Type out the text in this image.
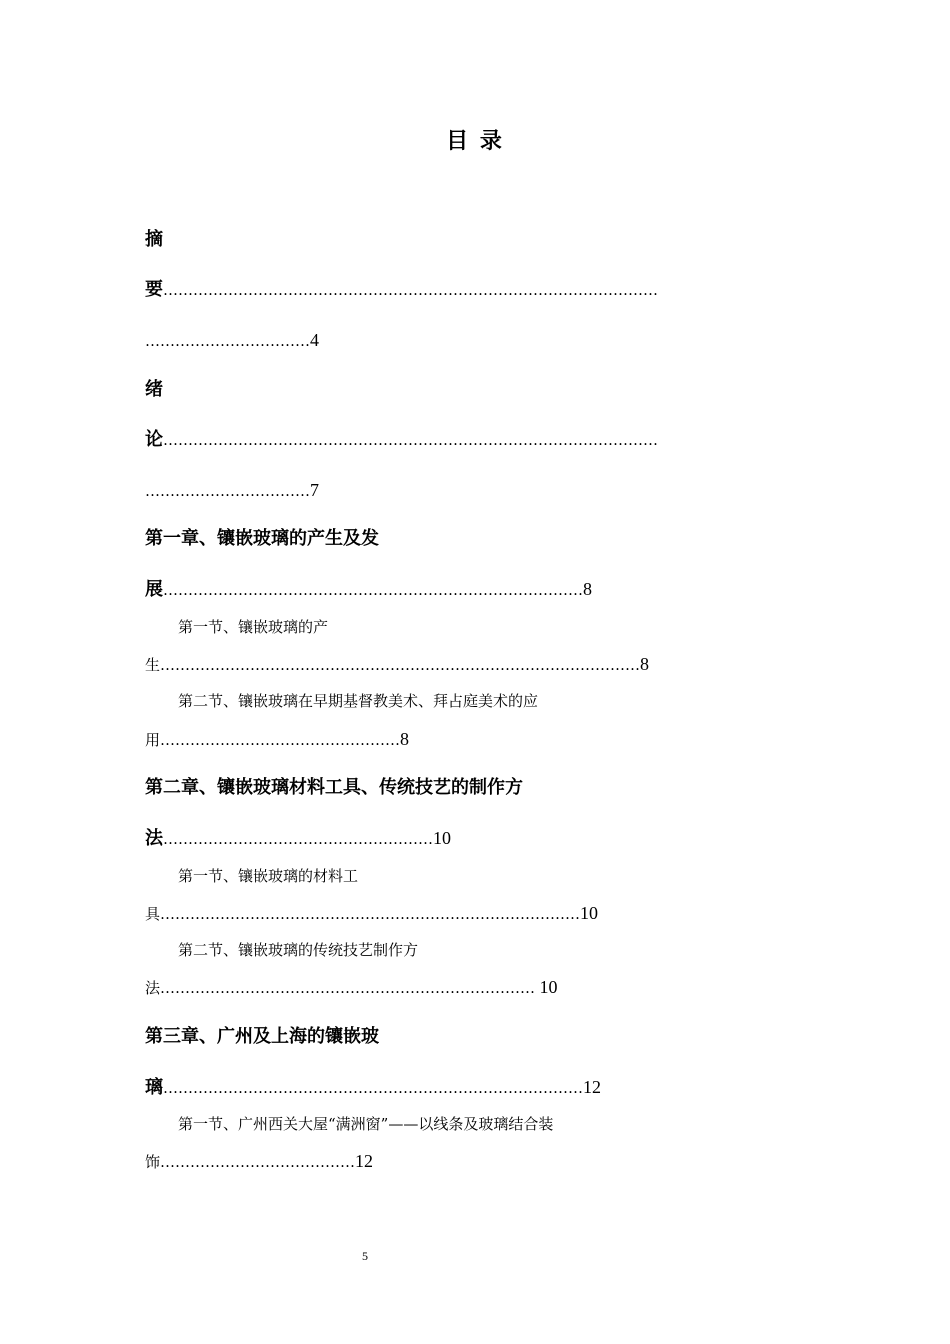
目 录
摘
要………………………………………………………………………………………
……………………………4
绪
论………………………………………………………………………………………
……………………………7
第一章、镶嵌玻璃的产生及发
展…………………………………………………………………………8
第一节、镶嵌玻璃的产
生……………………………………………………………………………………8
第二节、镶嵌玻璃在早期基督教美术、拜占庭美术的应
用…………………………………………8
第二章、镶嵌玻璃材料工具、传统技艺的制作方
法………………………………………………10
第一节、镶嵌玻璃的材料工
具…………………………………………………………………………10
第二节、镶嵌玻璃的传统技艺制作方
法………………………………………………………………… 10
第三章、广州及上海的镶嵌玻
璃…………………………………………………………………………12
第一节、广州西关大屋“满洲窗”——以线条及玻璃结合装
饰…………………………………12
5
